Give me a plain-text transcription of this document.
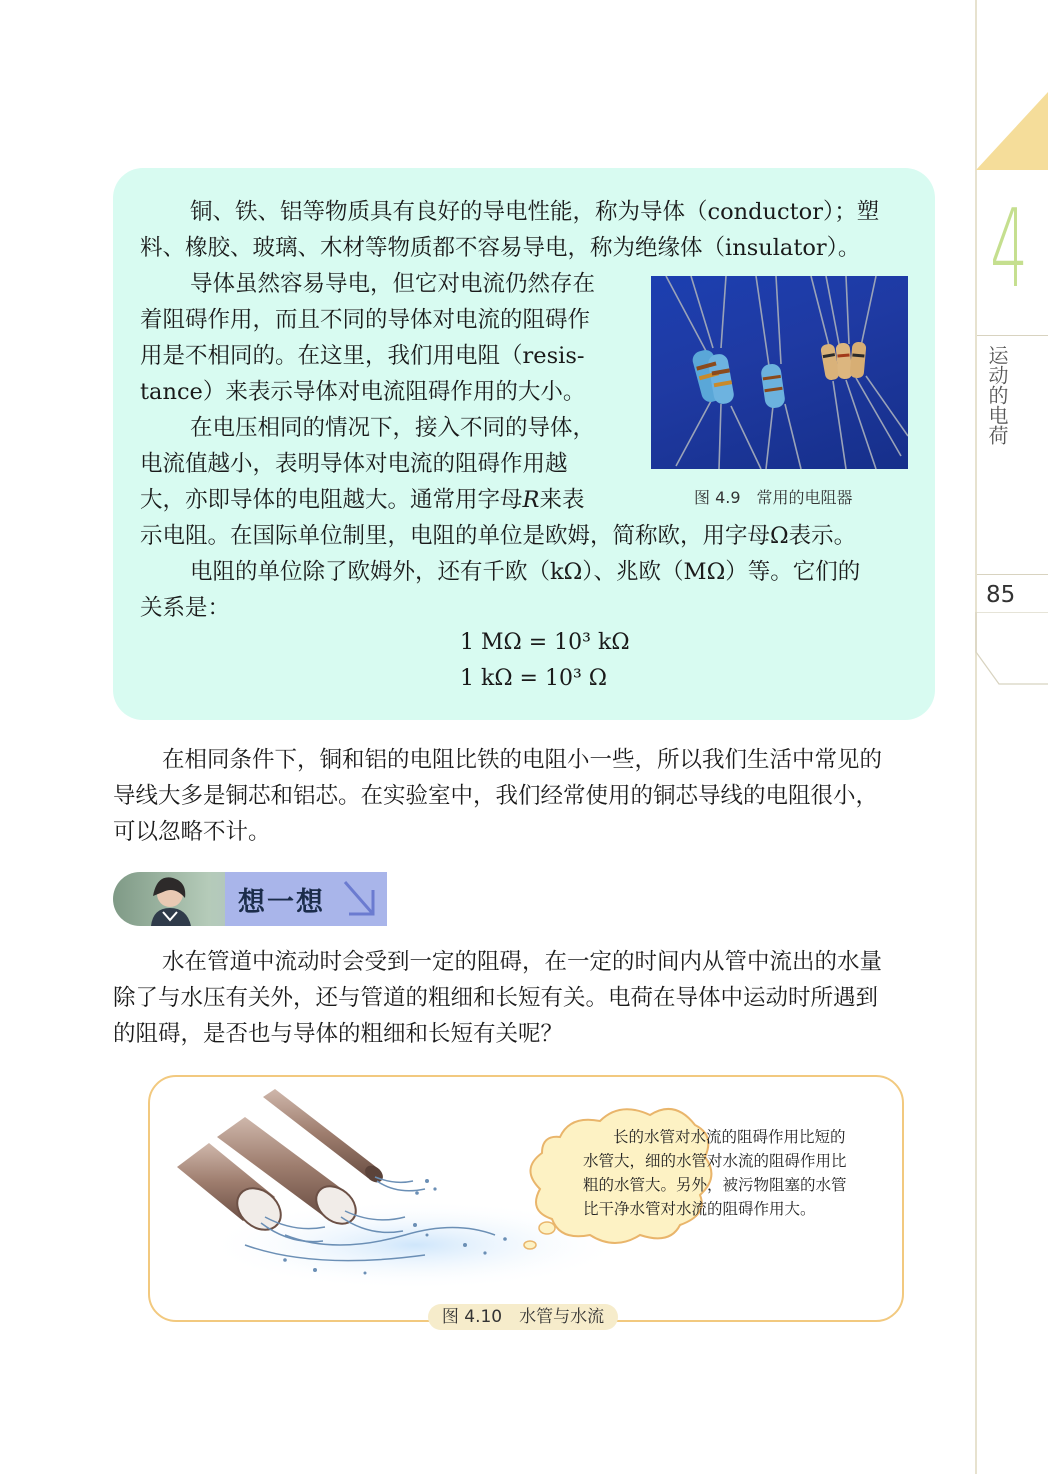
4
运动的电荷
85
铜、铁、铝等物质具有良好的导电性能，称为导体（conductor）；塑
料、橡胶、玻璃、木材等物质都不容易导电，称为绝缘体（insulator）。
导体虽然容易导电，但它对电流仍然存在
着阻碍作用，而且不同的导体对电流的阻碍作
用是不相同的。在这里，我们用电阻（resis-
tance）来表示导体对电流阻碍作用的大小。
在电压相同的情况下，接入不同的导体，
电流值越小，表明导体对电流的阻碍作用越
大，亦即导体的电阻越大。通常用字母R来表
示电阻。在国际单位制里，电阻的单位是欧姆，简称欧，用字母Ω表示。
电阻的单位除了欧姆外，还有千欧（kΩ）、兆欧（MΩ）等。它们的
关系是：
1 MΩ = 10³ kΩ
1 kΩ = 10³ Ω
图 4.9　常用的电阻器
在相同条件下，铜和铝的电阻比铁的电阻小一些，所以我们生活中常见的
导线大多是铜芯和铝芯。在实验室中，我们经常使用的铜芯导线的电阻很小，
可以忽略不计。
想一想
水在管道中流动时会受到一定的阻碍，在一定的时间内从管中流出的水量
除了与水压有关外，还与管道的粗细和长短有关。电荷在导体中运动时所遇到
的阻碍，是否也与导体的粗细和长短有关呢？
长的水管对水流的阻碍作用比短的
水管大，细的水管对水流的阻碍作用比
粗的水管大。另外，被污物阻塞的水管
比干净水管对水流的阻碍作用大。
图 4.10　水管与水流
